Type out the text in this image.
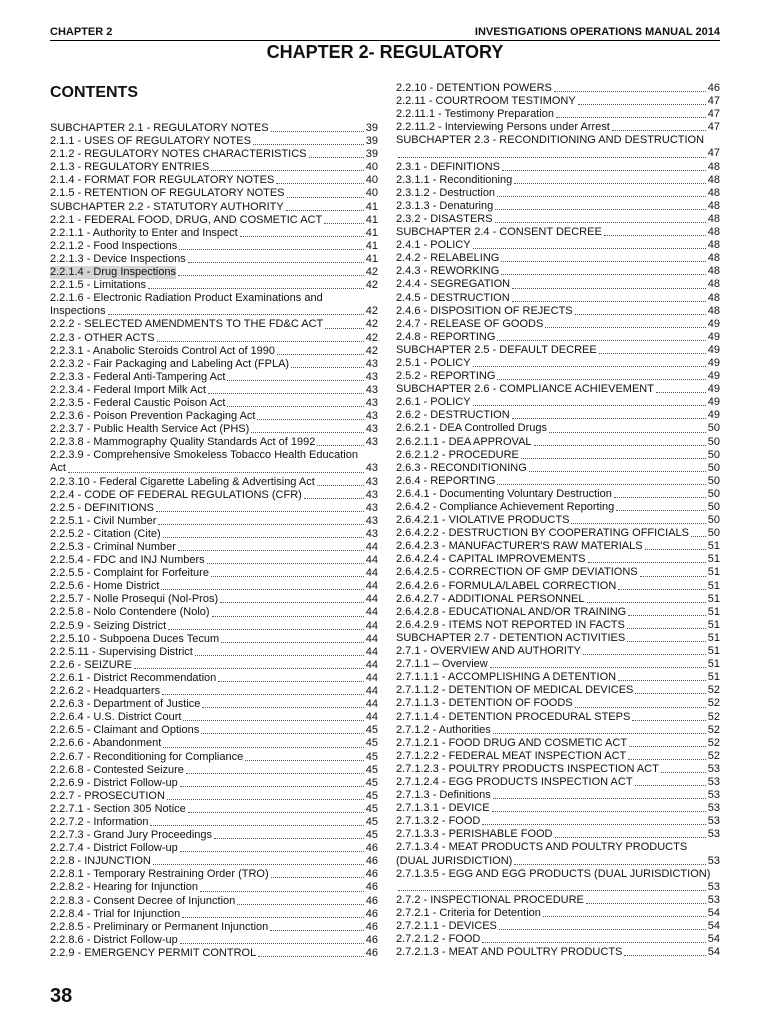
CHAPTER 2	INVESTIGATIONS OPERATIONS MANUAL 2014
CHAPTER 2- REGULATORY
CONTENTS
SUBCHAPTER 2.1 - REGULATORY NOTES	39
2.1.1 - USES OF REGULATORY NOTES	39
2.1.2 - REGULATORY NOTES CHARACTERISTICS	39
2.1.3 - REGULATORY ENTRIES	40
2.1.4 - FORMAT FOR REGULATORY NOTES	40
2.1.5 - RETENTION OF REGULATORY NOTES	40
SUBCHAPTER 2.2 - STATUTORY AUTHORITY	41
2.2.1 - FEDERAL FOOD, DRUG, AND COSMETIC ACT	41
2.2.1.1 - Authority to Enter and Inspect	41
2.2.1.2 - Food Inspections	41
2.2.1.3 - Device Inspections	41
2.2.1.4 - Drug Inspections	42
2.2.1.5 - Limitations	42
2.2.1.6 - Electronic Radiation Product Examinations and
Inspections	42
2.2.2 - SELECTED AMENDMENTS TO THE FD&C ACT	42
2.2.3 - OTHER ACTS	42
2.2.3.1 - Anabolic Steroids Control Act of 1990	42
2.2.3.2 - Fair Packaging and Labeling Act (FPLA)	43
2.2.3.3 - Federal Anti-Tampering Act	43
2.2.3.4 - Federal Import Milk Act	43
2.2.3.5 - Federal Caustic Poison Act	43
2.2.3.6 - Poison Prevention Packaging Act	43
2.2.3.7 - Public Health Service Act (PHS)	43
2.2.3.8 - Mammography Quality Standards Act of 1992	43
2.2.3.9 - Comprehensive Smokeless Tobacco Health Education
Act	43
2.2.3.10 - Federal Cigarette Labeling & Advertising Act	43
2.2.4 - CODE OF FEDERAL REGULATIONS (CFR)	43
2.2.5 - DEFINITIONS	43
2.2.5.1 - Civil Number	43
2.2.5.2 - Citation (Cite)	43
2.2.5.3 - Criminal Number	44
2.2.5.4 - FDC and INJ Numbers	44
2.2.5.5 - Complaint for Forfeiture	44
2.2.5.6 - Home District	44
2.2.5.7 - Nolle Prosequi (Nol-Pros)	44
2.2.5.8 - Nolo Contendere (Nolo)	44
2.2.5.9 - Seizing District	44
2.2.5.10 - Subpoena Duces Tecum	44
2.2.5.11 - Supervising District	44
2.2.6 - SEIZURE	44
2.2.6.1 - District Recommendation	44
2.2.6.2 - Headquarters	44
2.2.6.3 - Department of Justice	44
2.2.6.4 - U.S. District Court	44
2.2.6.5 - Claimant and Options	45
2.2.6.6 - Abandonment	45
2.2.6.7 - Reconditioning for Compliance	45
2.2.6.8 - Contested Seizure	45
2.2.6.9 - District Follow-up	45
2.2.7 - PROSECUTION	45
2.2.7.1 - Section 305 Notice	45
2.2.7.2 - Information	45
2.2.7.3 - Grand Jury Proceedings	45
2.2.7.4 - District Follow-up	46
2.2.8 - INJUNCTION	46
2.2.8.1 - Temporary Restraining Order (TRO)	46
2.2.8.2 - Hearing for Injunction	46
2.2.8.3 - Consent Decree of Injunction	46
2.2.8.4 - Trial for Injunction	46
2.2.8.5 - Preliminary or Permanent Injunction	46
2.2.8.6 - District Follow-up	46
2.2.9 - EMERGENCY PERMIT CONTROL	46
2.2.10 - DETENTION POWERS	46
2.2.11 - COURTROOM TESTIMONY	47
2.2.11.1 - Testimony Preparation	47
2.2.11.2 - Interviewing Persons under Arrest	47
SUBCHAPTER 2.3 - RECONDITIONING AND DESTRUCTION
47
2.3.1 - DEFINITIONS	48
2.3.1.1 - Reconditioning	48
2.3.1.2 - Destruction	48
2.3.1.3 - Denaturing	48
2.3.2 - DISASTERS	48
SUBCHAPTER 2.4 - CONSENT DECREE	48
2.4.1 - POLICY	48
2.4.2 - RELABELING	48
2.4.3 - REWORKING	48
2.4.4 - SEGREGATION	48
2.4.5 - DESTRUCTION	48
2.4.6 - DISPOSITION OF REJECTS	48
2.4.7 - RELEASE OF GOODS	49
2.4.8 - REPORTING	49
SUBCHAPTER 2.5 - DEFAULT DECREE	49
2.5.1 - POLICY	49
2.5.2 - REPORTING	49
SUBCHAPTER 2.6 - COMPLIANCE ACHIEVEMENT	49
2.6.1 - POLICY	49
2.6.2 - DESTRUCTION	49
2.6.2.1 - DEA Controlled Drugs	50
2.6.2.1.1 - DEA APPROVAL	50
2.6.2.1.2 - PROCEDURE	50
2.6.3 - RECONDITIONING	50
2.6.4 - REPORTING	50
2.6.4.1 - Documenting Voluntary Destruction	50
2.6.4.2 - Compliance Achievement Reporting	50
2.6.4.2.1 - VIOLATIVE PRODUCTS	50
2.6.4.2.2 - DESTRUCTION BY COOPERATING OFFICIALS 50
2.6.4.2.3 - MANUFACTURER'S RAW MATERIALS	51
2.6.4.2.4 - CAPITAL IMPROVEMENTS	51
2.6.4.2.5 - CORRECTION OF GMP DEVIATIONS	51
2.6.4.2.6 - FORMULA/LABEL CORRECTION	51
2.6.4.2.7 - ADDITIONAL PERSONNEL	51
2.6.4.2.8 - EDUCATIONAL AND/OR TRAINING	51
2.6.4.2.9 - ITEMS NOT REPORTED IN FACTS	51
SUBCHAPTER 2.7 - DETENTION ACTIVITIES	51
2.7.1 - OVERVIEW AND AUTHORITY	51
2.7.1.1 – Overview	51
2.7.1.1.1 - ACCOMPLISHING A DETENTION	51
2.7.1.1.2 - DETENTION OF MEDICAL DEVICES	52
2.7.1.1.3 - DETENTION OF FOODS	52
2.7.1.1.4 - DETENTION PROCEDURAL STEPS	52
2.7.1.2 - Authorities	52
2.7.1.2.1 - FOOD DRUG AND COSMETIC ACT	52
2.7.1.2.2 - FEDERAL MEAT INSPECTION ACT	52
2.7.1.2.3 - POULTRY PRODUCTS INSPECTION ACT	53
2.7.1.2.4 - EGG PRODUCTS INSPECTION ACT	53
2.7.1.3 - Definitions	53
2.7.1.3.1 - DEVICE	53
2.7.1.3.2 - FOOD	53
2.7.1.3.3 - PERISHABLE FOOD	53
2.7.1.3.4 - MEAT PRODUCTS AND POULTRY PRODUCTS
(DUAL JURISDICTION)	53
2.7.1.3.5 - EGG AND EGG PRODUCTS (DUAL JURISDICTION)
53
2.7.2 - INSPECTIONAL PROCEDURE	53
2.7.2.1 - Criteria for Detention	54
2.7.2.1.1 - DEVICES	54
2.7.2.1.2 - FOOD	54
2.7.2.1.3 - MEAT AND POULTRY PRODUCTS	54
38
